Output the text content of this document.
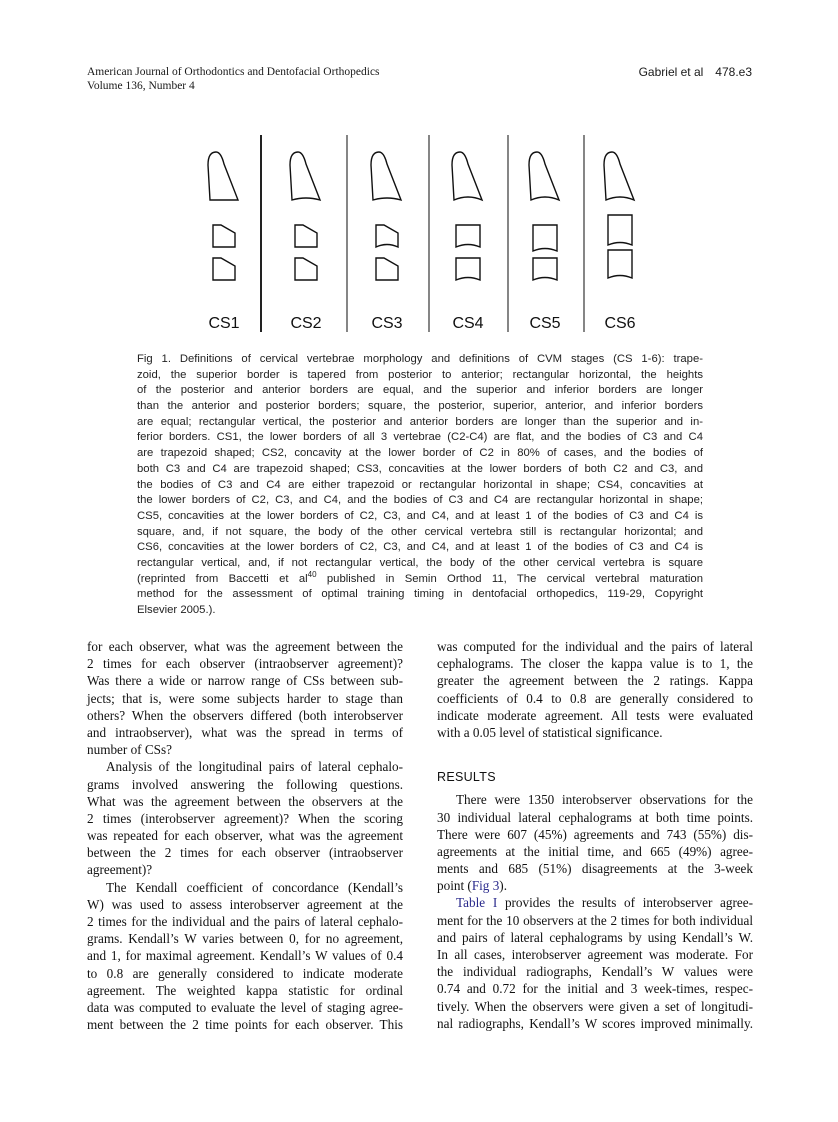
American Journal of Orthodontics and Dentofacial Orthopedics
Volume 136, Number 4
Gabriel et al 478.e3
CS1	CS2	CS3	CS4	CS5	CS6
Fig 1. Definitions of cervical vertebrae morphology and definitions of CVM stages (CS 1-6): trape-
zoid, the superior border is tapered from posterior to anterior; rectangular horizontal, the heights
of the posterior and anterior borders are equal, and the superior and inferior borders are longer
than the anterior and posterior borders; square, the posterior, superior, anterior, and inferior borders
are equal; rectangular vertical, the posterior and anterior borders are longer than the superior and in-
ferior borders. CS1, the lower borders of all 3 vertebrae (C2-C4) are flat, and the bodies of C3 and C4
are trapezoid shaped; CS2, concavity at the lower border of C2 in 80% of cases, and the bodies of
both C3 and C4 are trapezoid shaped; CS3, concavities at the lower borders of both C2 and C3, and
the bodies of C3 and C4 are either trapezoid or rectangular horizontal in shape; CS4, concavities at
the lower borders of C2, C3, and C4, and the bodies of C3 and C4 are rectangular horizontal in shape;
CS5, concavities at the lower borders of C2, C3, and C4, and at least 1 of the bodies of C3 and C4 is
square, and, if not square, the body of the other cervical vertebra still is rectangular horizontal; and
CS6, concavities at the lower borders of C2, C3, and C4, and at least 1 of the bodies of C3 and C4 is
rectangular vertical, and, if not rectangular vertical, the body of the other cervical vertebra is square
(reprinted from Baccetti et $al^{40}$ published in Semin Orthod 11, The cervical vertebral maturation
method for the assessment of optimal training timing in dentofacial orthopedics, 119-29, Copyright
Elsevier 2005.).
for each observer, what was the agreement between the
2 times for each observer (intraobserver agreement)?
Was there a wide or narrow range of CSs between sub-
jects; that is, were some subjects harder to stage than
others? When the observers differed (both interobserver
and intraobserver), what was the spread in terms of
number of CSs?
Analysis of the longitudinal pairs of lateral cephalo-
grams involved answering the following questions.
What was the agreement between the observers at the
2 times (interobserver agreement)? When the scoring
was repeated for each observer, what was the agreement
between the 2 times for each observer (intraobserver
agreement)?
The Kendall coefficient of concordance (Kendall’s
W) was used to assess interobserver agreement at the
2 times for the individual and the pairs of lateral cephalo-
grams. Kendall’s W varies between 0, for no agreement,
and 1, for maximal agreement. Kendall’s W values of 0.4
to 0.8 are generally considered to indicate moderate
agreement. The weighted kappa statistic for ordinal
data was computed to evaluate the level of staging agree-
ment between the 2 time points for each observer. This
was computed for the individual and the pairs of lateral
cephalograms. The closer the kappa value is to 1, the
greater the agreement between the 2 ratings. Kappa
coefficients of 0.4 to 0.8 are generally considered to
indicate moderate agreement. All tests were evaluated
with a 0.05 level of statistical significance.
RESULTS
There were 1350 interobserver observations for the
30 individual lateral cephalograms at both time points.
There were 607 (45%) agreements and 743 (55%) dis-
agreements at the initial time, and 665 (49%) agree-
ments and 685 (51%) disagreements at the 3-week
point (Fig 3).
Table I provides the results of interobserver agree-
ment for the 10 observers at the 2 times for both individual
and pairs of lateral cephalograms by using Kendall’s W.
In all cases, interobserver agreement was moderate. For
the individual radiographs, Kendall’s W values were
0.74 and 0.72 for the initial and 3 week-times, respec-
tively. When the observers were given a set of longitudi-
nal radiographs, Kendall’s W scores improved minimally.
